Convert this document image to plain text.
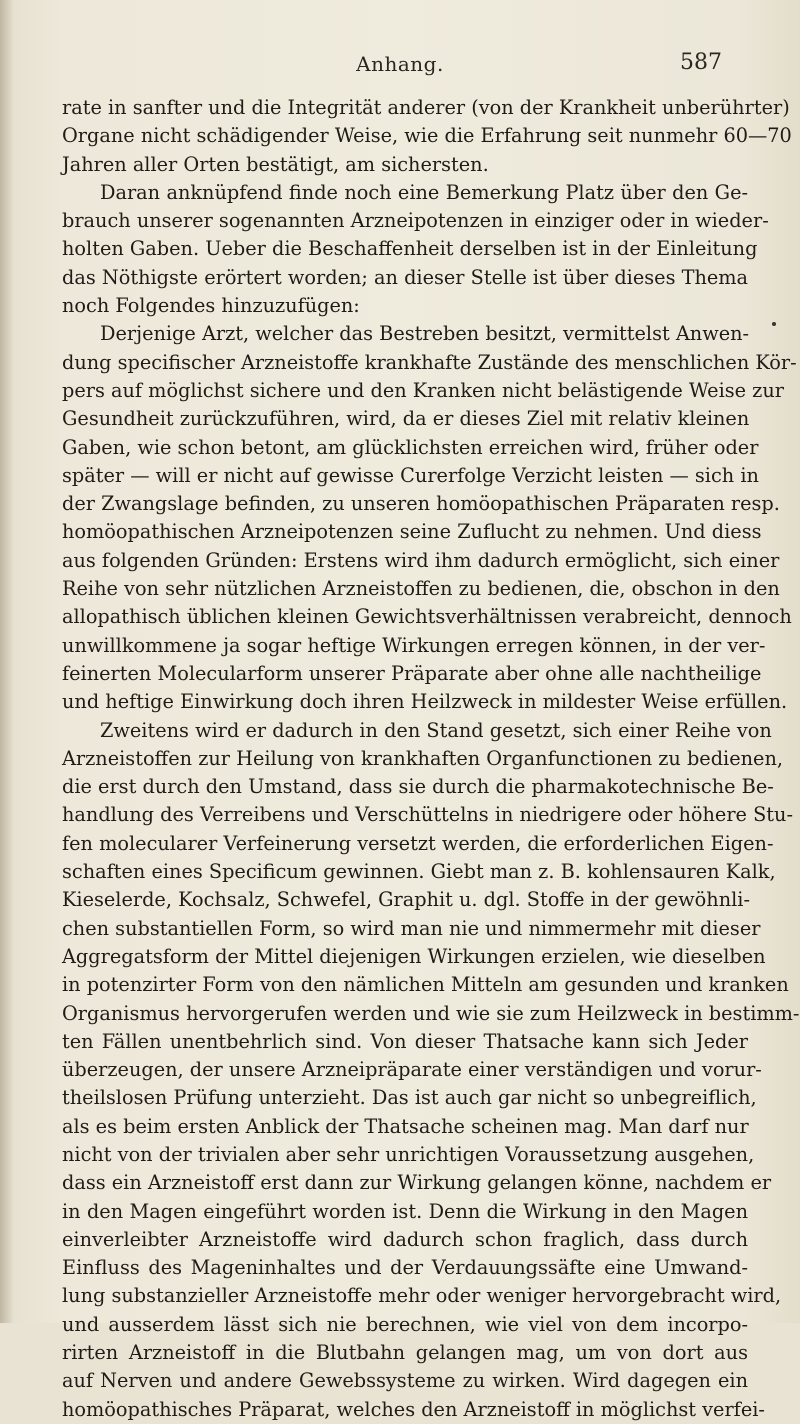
Anhang.	587
rate in sanfter und die Integrität anderer (von der Krankheit unberührter)
Organe nicht schädigender Weise, wie die Erfahrung seit nunmehr 60—70
Jahren aller Orten bestätigt, am sichersten.
Daran anknüpfend finde noch eine Bemerkung Platz über den Ge-
brauch unserer sogenannten Arzneipotenzen in einziger oder in wieder-
holten Gaben. Ueber die Beschaffenheit derselben ist in der Einleitung
das Nöthigste erörtert worden; an dieser Stelle ist über dieses Thema
noch Folgendes hinzuzufügen:
Derjenige Arzt, welcher das Bestreben besitzt, vermittelst Anwen-
dung specifischer Arzneistoffe krankhafte Zustände des menschlichen Kör-
pers auf möglichst sichere und den Kranken nicht belästigende Weise zur
Gesundheit zurückzuführen, wird, da er dieses Ziel mit relativ kleinen
Gaben, wie schon betont, am glücklichsten erreichen wird, früher oder
später — will er nicht auf gewisse Curerfolge Verzicht leisten — sich in
der Zwangslage befinden, zu unseren homöopathischen Präparaten resp.
homöopathischen Arzneipotenzen seine Zuflucht zu nehmen. Und diess
aus folgenden Gründen: Erstens wird ihm dadurch ermöglicht, sich einer
Reihe von sehr nützlichen Arzneistoffen zu bedienen, die, obschon in den
allopathisch üblichen kleinen Gewichtsverhältnissen verabreicht, dennoch
unwillkommene ja sogar heftige Wirkungen erregen können, in der ver-
feinerten Molecularform unserer Präparate aber ohne alle nachtheilige
und heftige Einwirkung doch ihren Heilzweck in mildester Weise erfüllen.
Zweitens wird er dadurch in den Stand gesetzt, sich einer Reihe von
Arzneistoffen zur Heilung von krankhaften Organfunctionen zu bedienen,
die erst durch den Umstand, dass sie durch die pharmakotechnische Be-
handlung des Verreibens und Verschüttelns in niedrigere oder höhere Stu-
fen molecularer Verfeinerung versetzt werden, die erforderlichen Eigen-
schaften eines Specificum gewinnen. Giebt man z. B. kohlensauren Kalk,
Kieselerde, Kochsalz, Schwefel, Graphit u. dgl. Stoffe in der gewöhnli-
chen substantiellen Form, so wird man nie und nimmermehr mit dieser
Aggregatsform der Mittel diejenigen Wirkungen erzielen, wie dieselben
in potenzirter Form von den nämlichen Mitteln am gesunden und kranken
Organismus hervorgerufen werden und wie sie zum Heilzweck in bestimm-
ten Fällen unentbehrlich sind. Von dieser Thatsache kann sich Jeder
überzeugen, der unsere Arzneipräparate einer verständigen und vorur-
theilslosen Prüfung unterzieht. Das ist auch gar nicht so unbegreiflich,
als es beim ersten Anblick der Thatsache scheinen mag. Man darf nur
nicht von der trivialen aber sehr unrichtigen Voraussetzung ausgehen,
dass ein Arzneistoff erst dann zur Wirkung gelangen könne, nachdem er
in den Magen eingeführt worden ist. Denn die Wirkung in den Magen
einverleibter Arzneistoffe wird dadurch schon fraglich, dass durch
Einfluss des Mageninhaltes und der Verdauungssäfte eine Umwand-
lung substanzieller Arzneistoffe mehr oder weniger hervorgebracht wird,
und ausserdem lässt sich nie berechnen, wie viel von dem incorpo-
rirten Arzneistoff in die Blutbahn gelangen mag, um von dort aus
auf Nerven und andere Gewebssysteme zu wirken. Wird dagegen ein
homöopathisches Präparat, welches den Arzneistoff in möglichst verfei-
